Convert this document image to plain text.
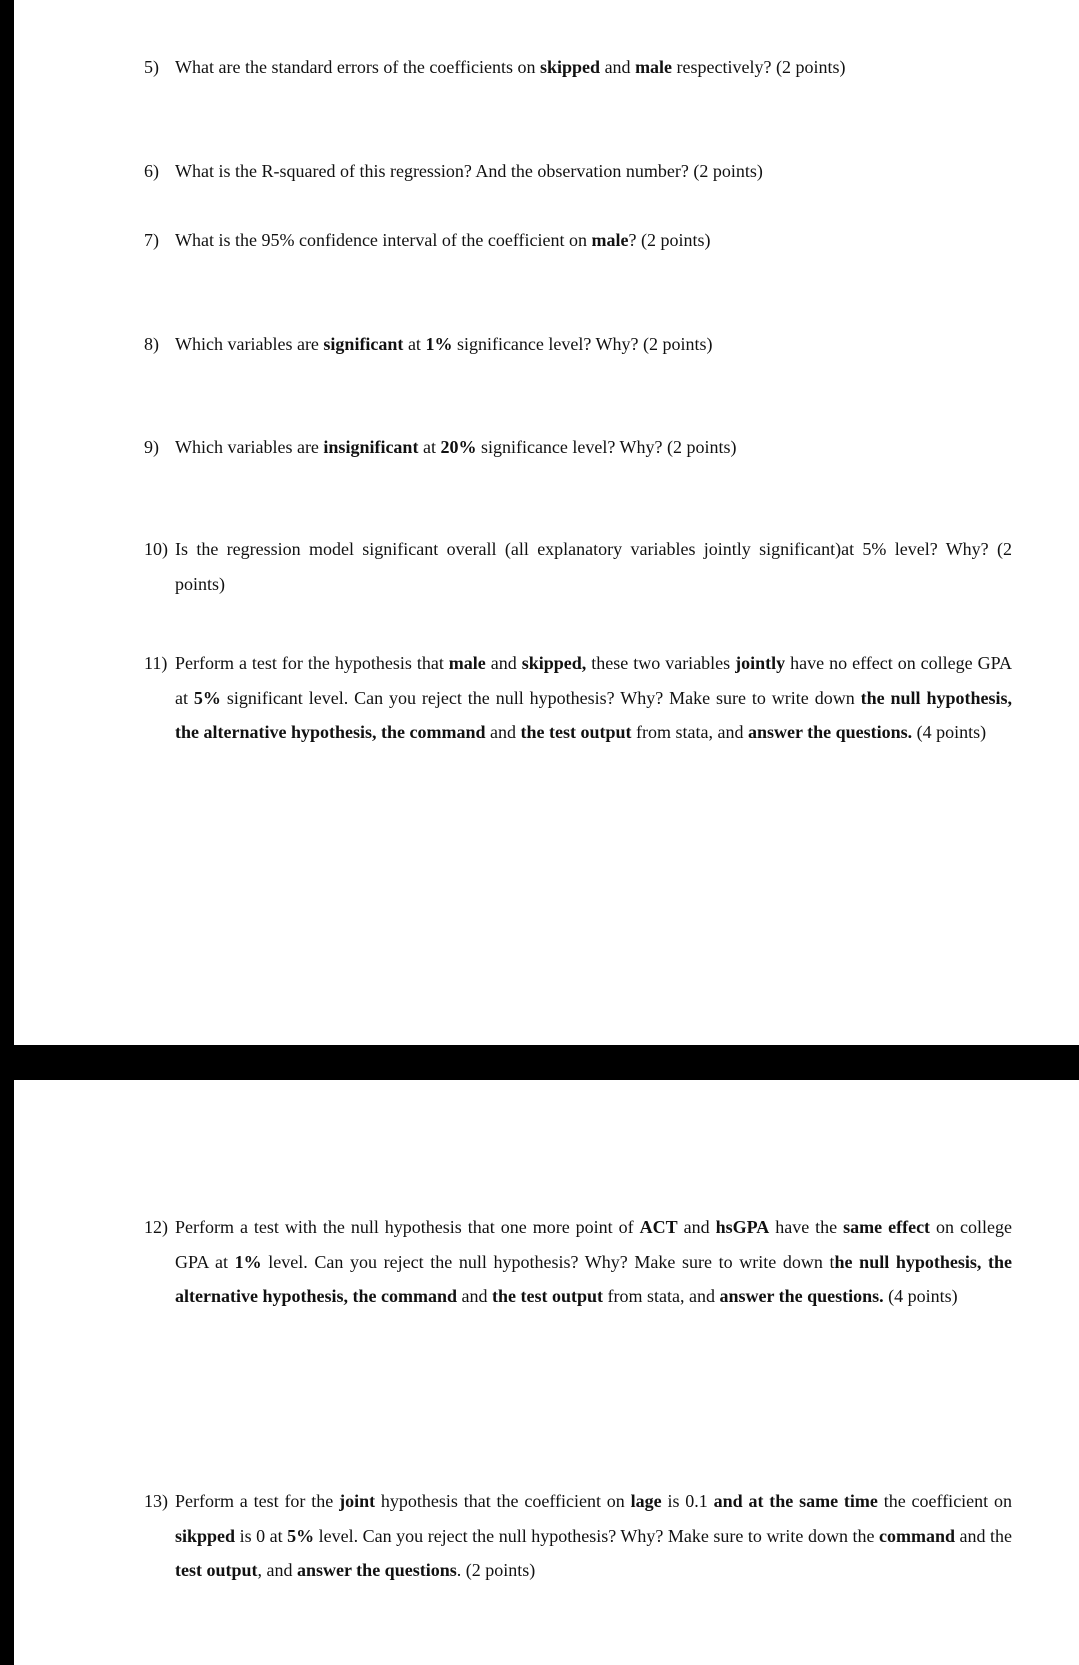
5) What are the standard errors of the coefficients on skipped and male respectively? (2 points)
6) What is the R-squared of this regression? And the observation number? (2 points)
7) What is the 95% confidence interval of the coefficient on male? (2 points)
8) Which variables are significant at 1% significance level? Why? (2 points)
9) Which variables are insignificant at 20% significance level? Why? (2 points)
10) Is the regression model significant overall (all explanatory variables jointly significant)at 5% level? Why? (2 points)
11) Perform a test for the hypothesis that male and skipped, these two variables jointly have no effect on college GPA at 5% significant level. Can you reject the null hypothesis? Why? Make sure to write down the null hypothesis, the alternative hypothesis, the command and the test output from stata, and answer the questions. (4 points)
12) Perform a test with the null hypothesis that one more point of ACT and hsGPA have the same effect on college GPA at 1% level. Can you reject the null hypothesis? Why? Make sure to write down the null hypothesis, the alternative hypothesis, the command and the test output from stata, and answer the questions. (4 points)
13) Perform a test for the joint hypothesis that the coefficient on lage is 0.1 and at the same time the coefficient on sikpped is 0 at 5% level. Can you reject the null hypothesis? Why? Make sure to write down the command and the test output, and answer the questions. (2 points)
